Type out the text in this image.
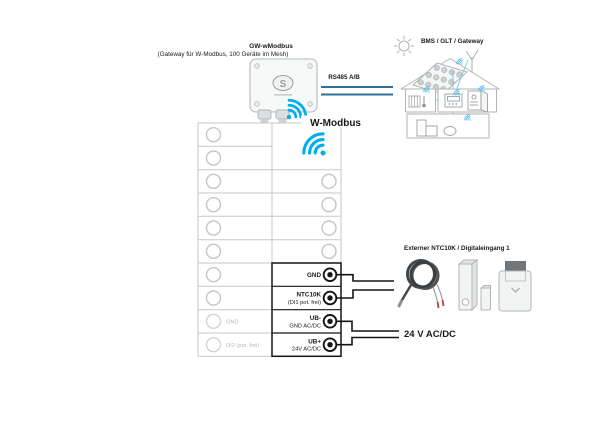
GW-wModbus
(Gateway für W-Modbus, 100 Geräte im Mesh)
S
RS485 A/B
BMS / GLT / Gateway
GND
DI2 (pot. frei)
GND
NTC10K
(DI1 pot. frei)
UB-
GND AC/DC
UB+
24V AC/DC
W-Modbus
Externer NTC10K / Digitaleingang 1
24 V AC/DC
